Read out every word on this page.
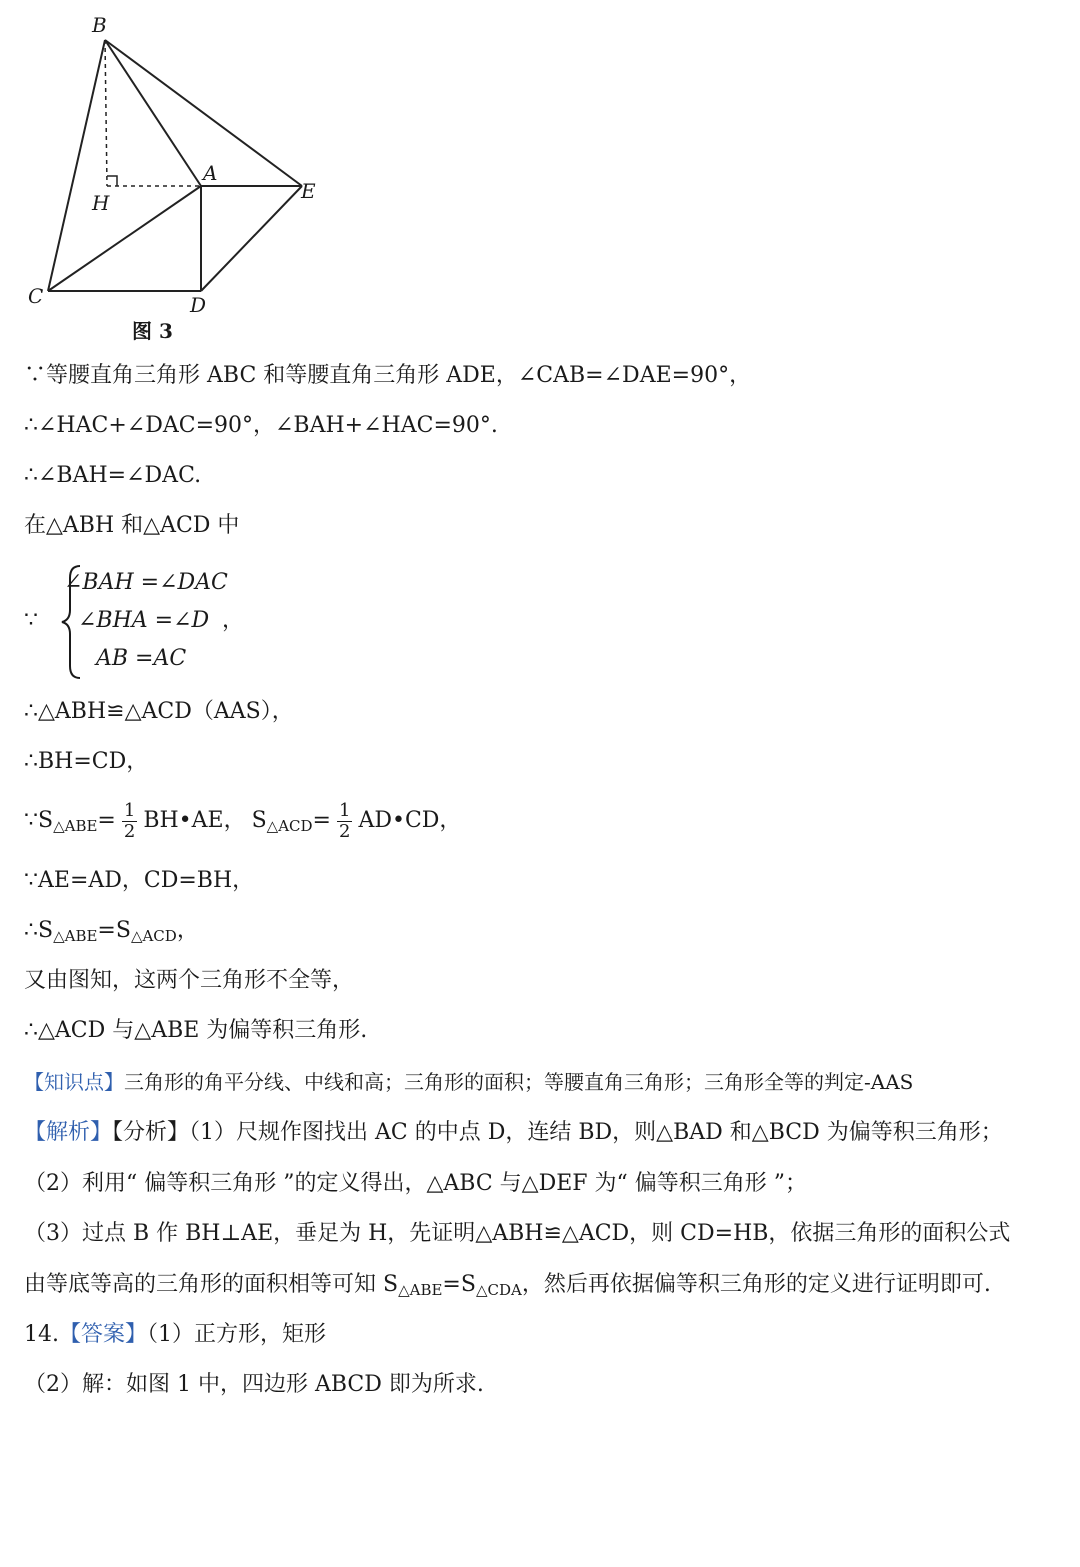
B
A
H	E
C	D
图 3
∵等腰直角三角形 ABC 和等腰直角三角形 ADE，∠CAB=∠DAE=90°，
∴∠HAC+∠DAC=90°，∠BAH+∠HAC=90°.
∴∠BAH=∠DAC.
在△ABH 和△ACD 中
∵
∠BAH =∠DAC
∠BHA =∠D ，
AB =AC
∴△ABH≌△ACD（AAS），
∴BH=CD，
$\because S_{\triangle ABE}= \frac{1}{2}$ BH•AE， $S_{\triangle ACD}= \frac{1}{2}$ AD•CD，
∵AE=AD，CD=BH，
$\therefore S_{\triangle ABE}=S_{\triangle ACD}$，
又由图知，这两个三角形不全等，
∴△ACD 与△ABE 为偏等积三角形.
【知识点】三角形的角平分线、中线和高；三角形的面积；等腰直角三角形；三角形全等的判定-AAS
【解析】【分析】（1）尺规作图找出 AC 的中点 D，连结 BD，则△BAD 和△BCD 为偏等积三角形；
（2）利用“ 偏等积三角形 ”的定义得出，△ABC 与△DEF 为“ 偏等积三角形 ”；
（3）过点 B 作 BH⊥AE，垂足为 H，先证明△ABH≌△ACD，则 CD=HB，依据三角形的面积公式
由等底等高的三角形的面积相等可知 $S_{\triangle ABE}=S_{\triangle CDA}$，然后再依据偏等积三角形的定义进行证明即可.
14.【答案】（1）正方形，矩形
（2）解：如图 1 中，四边形 ABCD 即为所求.
